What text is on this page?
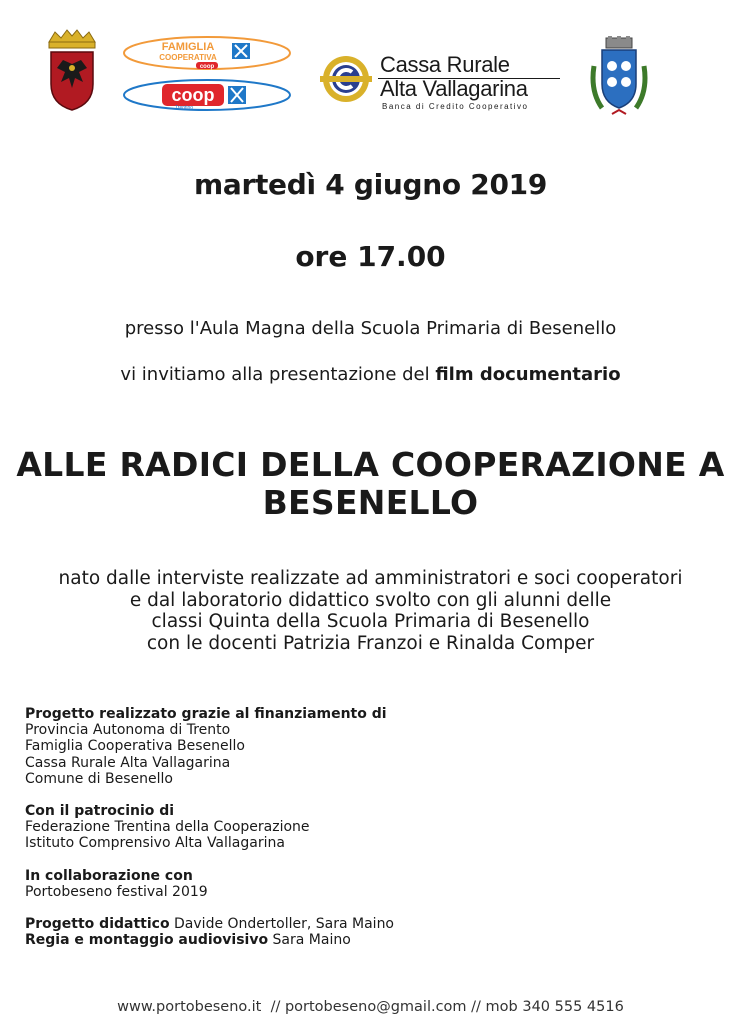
FAMIGLIA
COOPERATIVA
coop
coop
Trentino
Cassa Rurale
Alta Vallagarina
Banca di Credito Cooperativo
martedì 4 giugno 2019
ore 17.00
presso l'Aula Magna della Scuola Primaria di Besenello
vi invitiamo alla presentazione del film documentario
ALLE RADICI DELLA COOPERAZIONE A
BESENELLO
nato dalle interviste realizzate ad amministratori e soci cooperatori
e dal laboratorio didattico svolto con gli alunni delle
classi Quinta della Scuola Primaria di Besenello
con le docenti Patrizia Franzoi e Rinalda Comper
Progetto realizzato grazie al finanziamento di
Provincia Autonoma di Trento
Famiglia Cooperativa Besenello
Cassa Rurale Alta Vallagarina
Comune di Besenello
Con il patrocinio di
Federazione Trentina della Cooperazione
Istituto Comprensivo Alta Vallagarina
In collaborazione con
Portobeseno festival 2019
Progetto didattico Davide Ondertoller, Sara Maino
Regia e montaggio audiovisivo Sara Maino
www.portobeseno.it  // portobeseno@gmail.com // mob 340 555 4516
